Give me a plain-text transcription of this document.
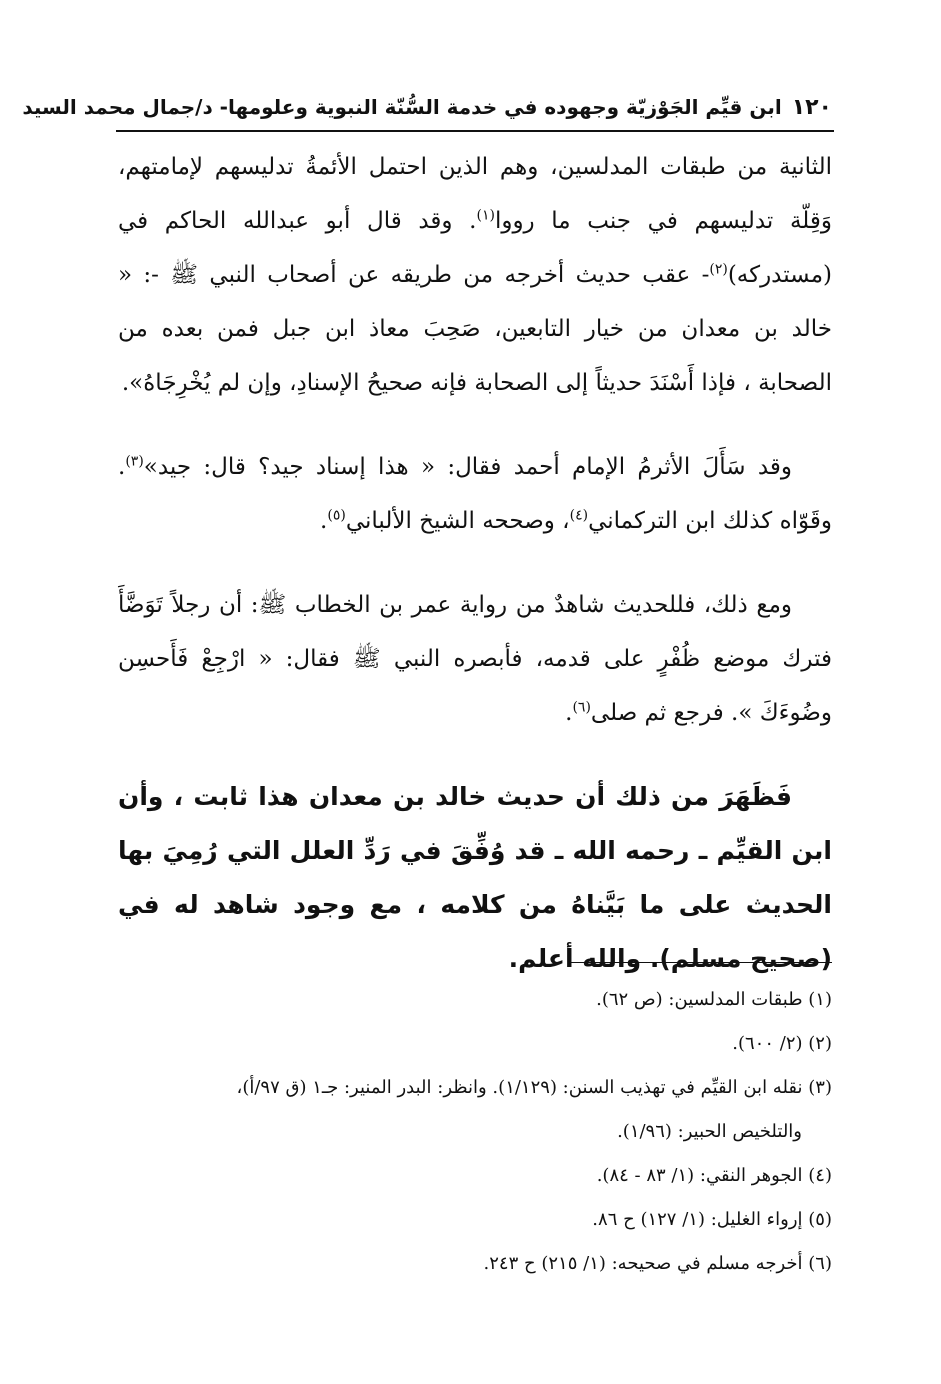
١٢٠
ابن قيِّم الجَوْزيّة وجهوده في خدمة السُّنّة النبوية وعلومها- د/جمال محمد السيد

الثانية من طبقات المدلسين، وهم الذين احتمل الأئمةُ تدليسهم لإمامتهم، وَقِلّة تدليسهم في جنب ما رووا$^{(١)}$. وقد قال أبو عبدالله الحاكم في (مستدركه)$^{(٢)}$- عقب حديث أخرجه من طريقه عن أصحاب النبي ﷺ -: « خالد بن معدان من خيار التابعين، صَحِبَ معاذ ابن جبل فمن بعده من الصحابة ، فإذا أَسْنَدَ حديثاً إلى الصحابة فإنه صحيحُ الإسنادِ، وإن لم يُخْرِجَاهُ».

وقد سَأَلَ الأثرمُ الإمام أحمد فقال: « هذا إسناد جيد؟ قال: جيد»$^{(٣)}$. وقَوّاه كذلك ابن التركماني$^{(٤)}$، وصححه الشيخ الألباني$^{(٥)}$.

ومع ذلك، فللحديث شاهدٌ من رواية عمر بن الخطاب ﷺ: أن رجلاً تَوَضَّأَ فترك موضع ظُفْرٍ على قدمه، فأبصره النبي ﷺ فقال: « ارْجِعْ فَأَحسِن وضُوءَكَ ». فرجع ثم صلى$^{(٦)}$.

فَظَهَرَ من ذلك أن حديث خالد بن معدان هذا ثابت ، وأن ابن القيِّم ـ رحمه الله ـ قد وُفِّقَ في رَدِّ العلل التي رُمِيَ بها الحديث على ما بَيَّناهُ من كلامه ، مع وجود شاهد له في (صحيح مسلم). والله أعلم.

(١) طبقات المدلسين: (ص ٦٢).

(٢) (٢/ ٦٠٠).

(٣) نقله ابن القيِّم في تهذيب السنن: (١/١٢٩). وانظر: البدر المنير: جـ١ (ق ٩٧/أ)،
والتلخيص الحبير: (١/٩٦).

(٤) الجوهر النقي: (١/ ٨٣ - ٨٤).

(٥) إرواء الغليل: (١/ ١٢٧) ح ٨٦.

(٦) أخرجه مسلم في صحيحه: (١/ ٢١٥) ح ٢٤٣.
